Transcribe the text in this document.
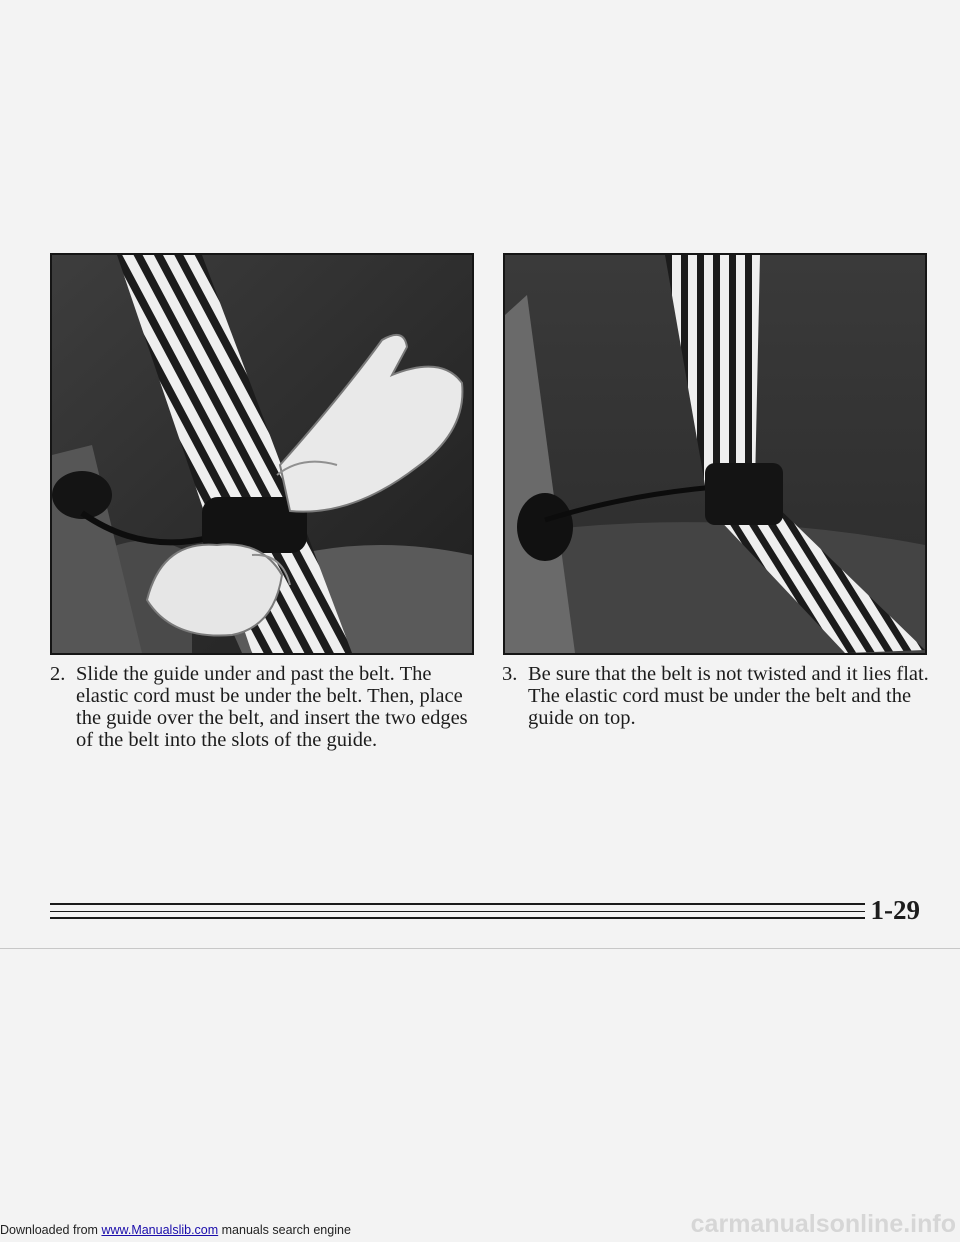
2. Slide the guide under and past the belt. The elastic cord must be under the belt. Then, place the guide over the belt, and insert the two edges of the belt into the slots of the guide.
3. Be sure that the belt is not twisted and it lies flat. The elastic cord must be under the belt and the guide on top.
1-29
Downloaded from www.Manualslib.com manuals search engine	carmanualsonline.info
